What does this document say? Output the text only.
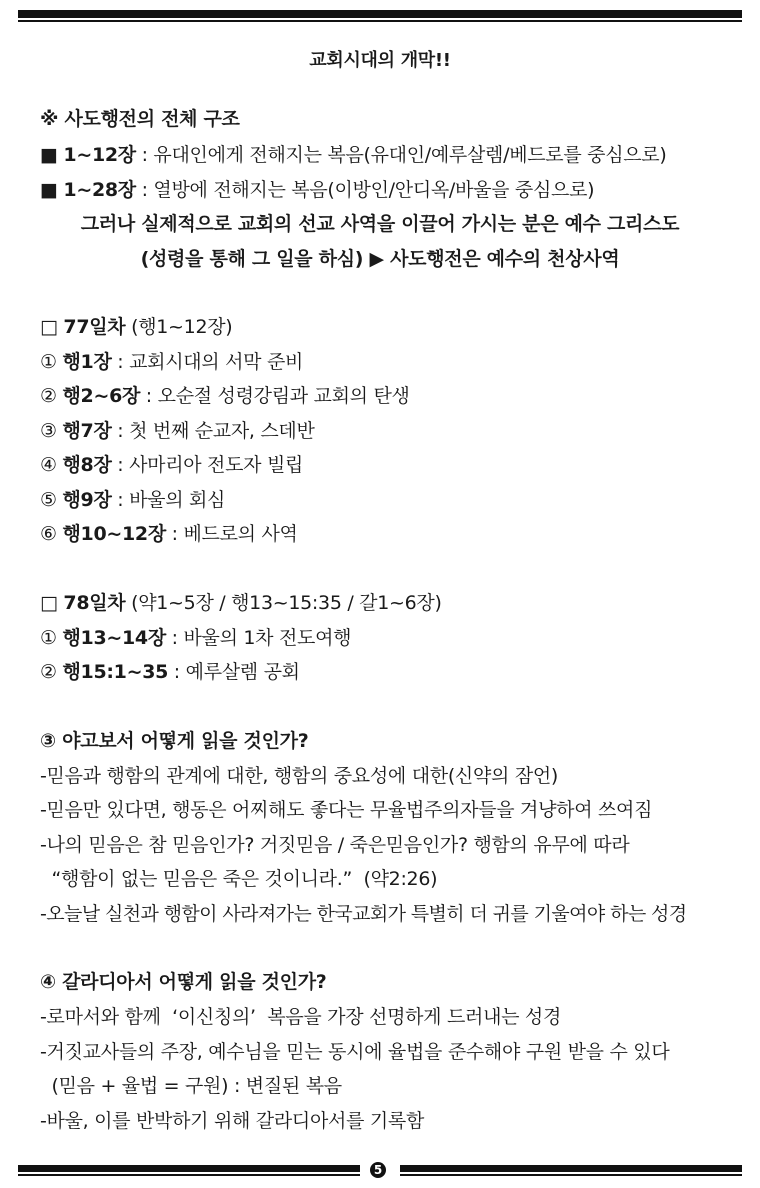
교회시대의 개막!!
※ 사도행전의 전체 구조
■ 1~12장 : 유대인에게 전해지는 복음(유대인/예루살렘/베드로를 중심으로)
■ 1~28장 : 열방에 전해지는 복음(이방인/안디옥/바울을 중심으로)
그러나 실제적으로 교회의 선교 사역을 이끌어 가시는 분은 예수 그리스도
(성령을 통해 그 일을 하심) ▶ 사도행전은 예수의 천상사역
□ 77일차 (행1~12장)
① 행1장 : 교회시대의 서막 준비
② 행2~6장 : 오순절 성령강림과 교회의 탄생
③ 행7장 : 첫 번째 순교자, 스데반
④ 행8장 : 사마리아 전도자 빌립
⑤ 행9장 : 바울의 회심
⑥ 행10~12장 : 베드로의 사역
□ 78일차 (약1~5장 / 행13~15:35 / 갈1~6장)
① 행13~14장 : 바울의 1차 전도여행
② 행15:1~35 : 예루살렘 공회
③ 야고보서 어떻게 읽을 것인가?
-믿음과 행함의 관계에 대한, 행함의 중요성에 대한(신약의 잠언)
-믿음만 있다면, 행동은 어찌해도 좋다는 무율법주의자들을 겨냥하여 쓰여짐
-나의 믿음은 참 믿음인가? 거짓믿음 / 죽은믿음인가? 행함의 유무에 따라
“행함이 없는 믿음은 죽은 것이니라.”  (약2:26)
-오늘날 실천과 행함이 사라져가는 한국교회가 특별히 더 귀를 기울여야 하는 성경
④ 갈라디아서 어떻게 읽을 것인가?
-로마서와 함께  ‘이신칭의’  복음을 가장 선명하게 드러내는 성경
-거짓교사들의 주장, 예수님을 믿는 동시에 율법을 준수해야 구원 받을 수 있다
(믿음 + 율법 = 구원) : 변질된 복음
-바울, 이를 반박하기 위해 갈라디아서를 기록함
5
